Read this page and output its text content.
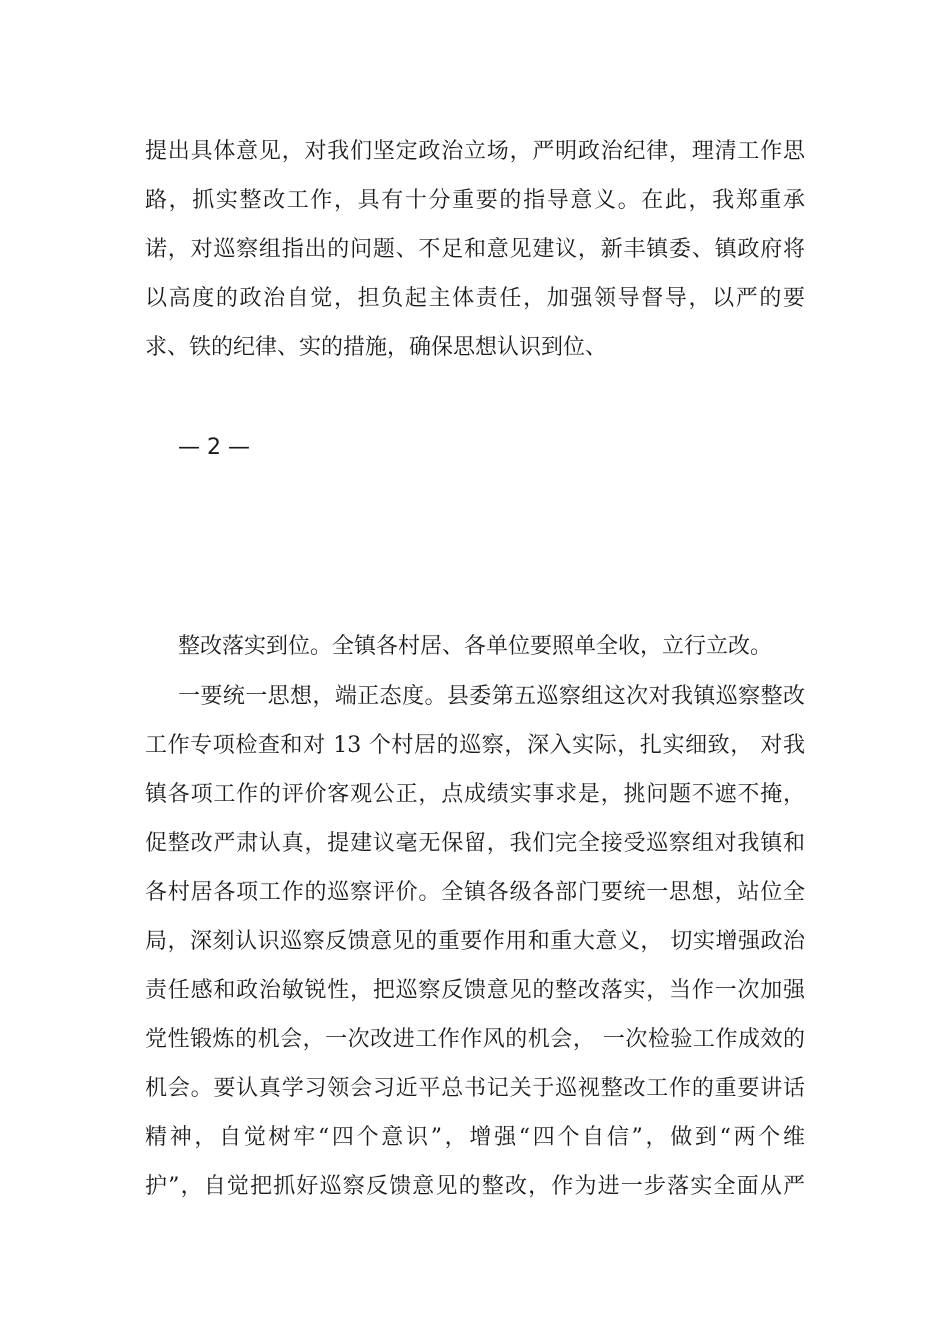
提出具体意见，对我们坚定政治立场，严明政治纪律，理清工作思
路，抓实整改工作，具有十分重要的指导意义。在此，我郑重承
诺，对巡察组指出的问题、不足和意见建议，新丰镇委、镇政府将
以高度的政治自觉，担负起主体责任，加强领导督导，以严的要
求、铁的纪律、实的措施，确保思想认识到位、
— 2 —
整改落实到位。全镇各村居、各单位要照单全收，立行立改。
一要统一思想，端正态度。县委第五巡察组这次对我镇巡察整改
工作专项检查和对 13 个村居的巡察，深入实际，扎实细致， 对我
镇各项工作的评价客观公正，点成绩实事求是，挑问题不遮不掩，
促整改严肃认真，提建议毫无保留，我们完全接受巡察组对我镇和
各村居各项工作的巡察评价。全镇各级各部门要统一思想，站位全
局，深刻认识巡察反馈意见的重要作用和重大意义， 切实增强政治
责任感和政治敏锐性，把巡察反馈意见的整改落实，当作一次加强
党性锻炼的机会，一次改进工作作风的机会， 一次检验工作成效的
机会。要认真学习领会习近平总书记关于巡视整改工作的重要讲话
精神，自觉树牢“四个意识”，增强“四个自信”，做到“两个维
护”，自觉把抓好巡察反馈意见的整改，作为进一步落实全面从严
